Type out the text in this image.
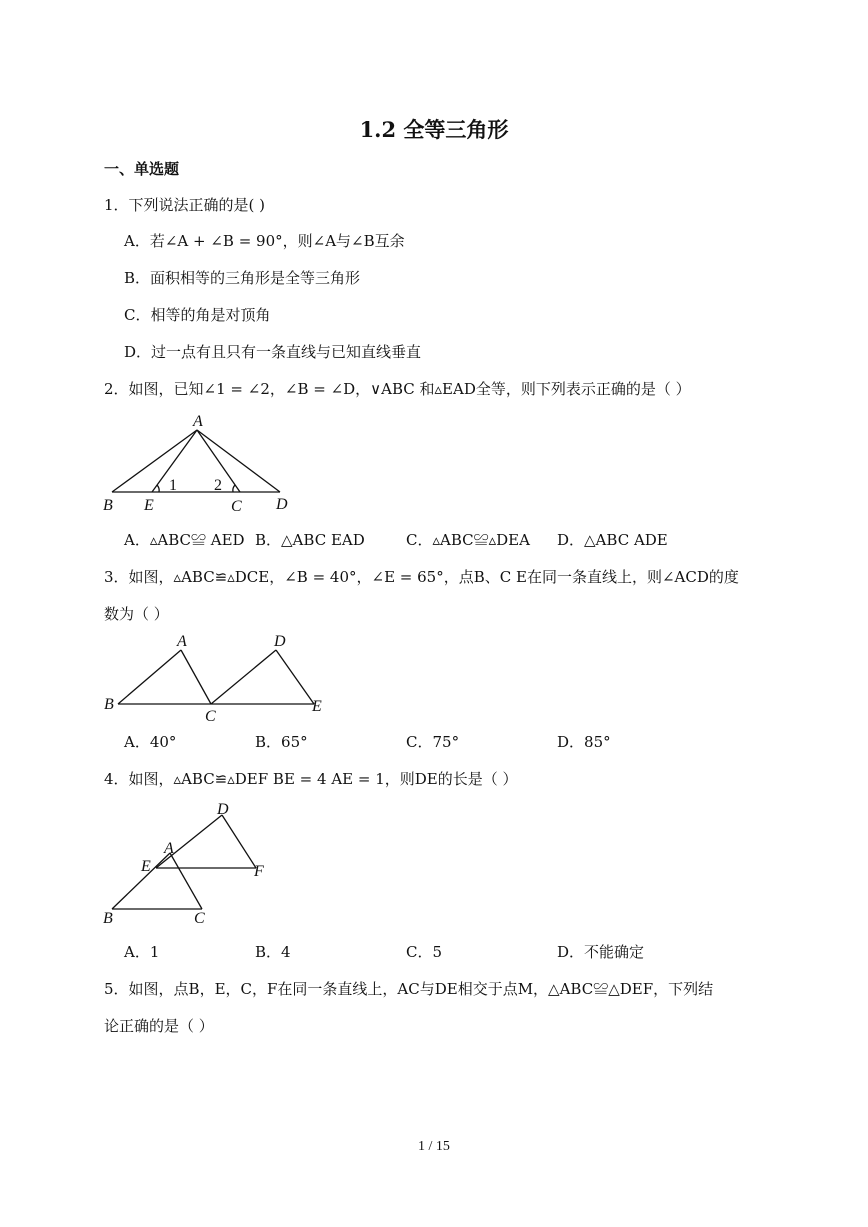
1.2 全等三角形
一、单选题
1．下列说法正确的是( )
A．若∠A + ∠B = 90°，则∠A与∠B互余
B．面积相等的三角形是全等三角形
C．相等的角是对顶角
D．过一点有且只有一条直线与已知直线垂直
2．如图，已知∠1 = ∠2，∠B = ∠D，∨ABC 和▵EAD全等，则下列表示正确的是（ ）
A
B E	C D
1 2
A．▵ABC≌ AED B．△ABC EAD	C．▵ABC≌▵DEA D．△ABC ADE
3．如图，▵ABC≌▵DCE，∠B = 40°，∠E = 65°，点B、C E在同一条直线上，则∠ACD的度
数为（ ）
A	D
B
C
E
A．40°	B．65°	C．75°	D．85°
4．如图，▵ABC≌▵DEF BE = 4 AE = 1，则DE的长是（ ）
D
A
E	F
B	C
A．1	B．4	C．5	D．不能确定
5．如图，点B，E，C，F在同一条直线上，AC与DE相交于点M，△ABC≌△DEF，下列结
论正确的是（ ）
1 / 15
